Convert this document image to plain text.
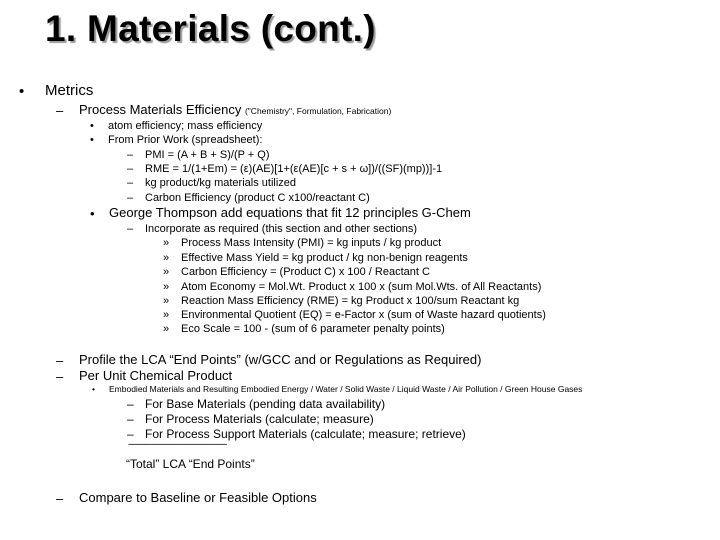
1. Materials (cont.)
• Metrics
– Process Materials Efficiency ("Chemistry", Formulation, Fabrication)
• atom efficiency; mass efficiency
• From Prior Work (spreadsheet):
– PMI = (A + B + S)/(P + Q)
– RME = 1/(1+Em) = (ε)(AE)[1+(ε(AE)[c + s + ω])/((SF)(mp))]-1
– kg product/kg materials utilized
– Carbon Efficiency (product C x100/reactant C)
• George Thompson add equations that fit 12 principles G-Chem
– Incorporate as required (this section and other sections)
» Process Mass Intensity (PMI) = kg inputs / kg product
» Effective Mass Yield = kg product / kg non-benign reagents
» Carbon Efficiency = (Product C) x 100 / Reactant C
» Atom Economy = Mol.Wt. Product x 100 x (sum Mol.Wts. of All Reactants)
» Reaction Mass Efficiency (RME) = kg Product x 100/sum Reactant kg
» Environmental Quotient (EQ) = e-Factor x (sum of Waste hazard quotients)
» Eco Scale = 100 - (sum of 6 parameter penalty points)
– Profile the LCA “End Points” (w/GCC and or Regulations as Required)
– Per Unit Chemical Product
• Embodied Materials and Resulting Embodied Energy / Water / Solid Waste / Liquid Waste / Air Pollution / Green House Gases
– For Base Materials (pending data availability)
– For Process Materials (calculate; measure)
– For Process Support Materials (calculate; measure; retrieve)
--------------------------------------------------
“Total” LCA “End Points”
– Compare to Baseline or Feasible Options
